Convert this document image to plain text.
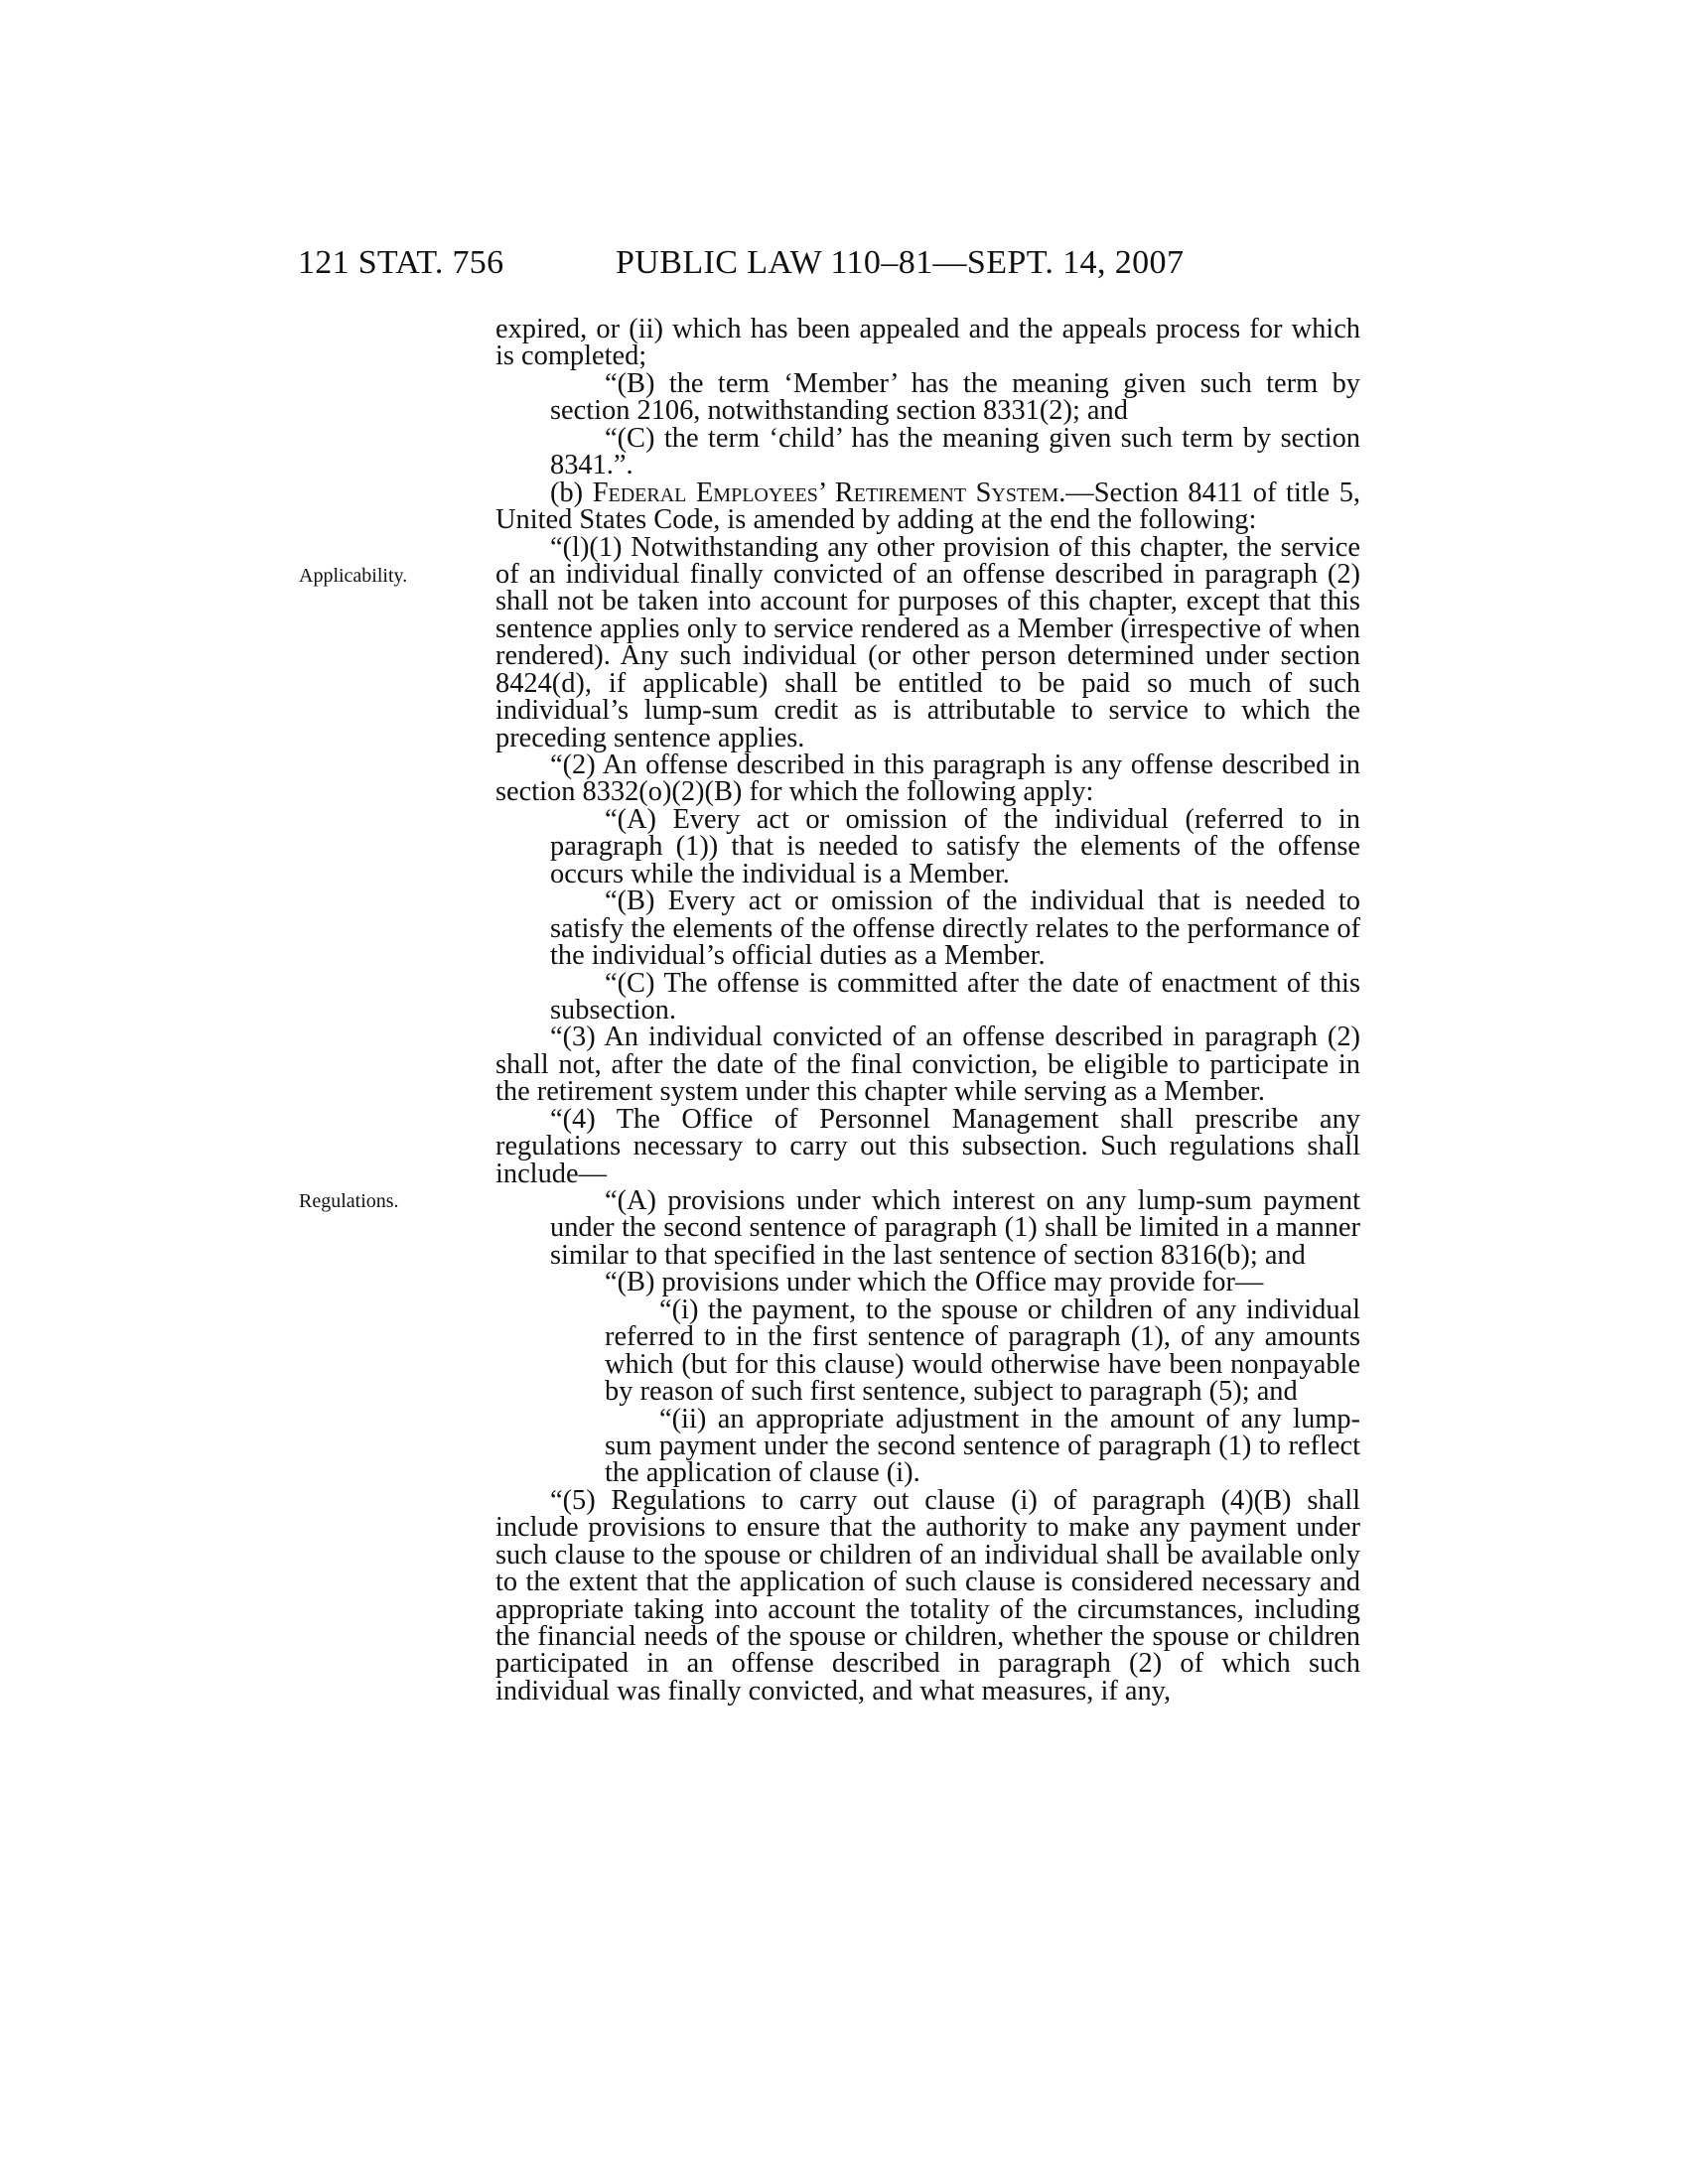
121 STAT. 756	PUBLIC LAW 110–81—SEPT. 14, 2007
Applicability.
Regulations.

expired, or (ii) which has been appealed and the appeals process for which is completed;

“(B) the term ‘Member’ has the meaning given such term by section 2106, notwithstanding section 8331(2); and

“(C) the term ‘child’ has the meaning given such term by section 8341.”.

(b) Federal Employees’ Retirement System.—Section 8411 of title 5, United States Code, is amended by adding at the end the following:

“(l)(1) Notwithstanding any other provision of this chapter, the service of an individual finally convicted of an offense described in paragraph (2) shall not be taken into account for purposes of this chapter, except that this sentence applies only to service rendered as a Member (irrespective of when rendered). Any such individual (or other person determined under section 8424(d), if applicable) shall be entitled to be paid so much of such individual’s lump-sum credit as is attributable to service to which the preceding sentence applies.

“(2) An offense described in this paragraph is any offense described in section 8332(o)(2)(B) for which the following apply:

“(A) Every act or omission of the individual (referred to in paragraph (1)) that is needed to satisfy the elements of the offense occurs while the individual is a Member.

“(B) Every act or omission of the individual that is needed to satisfy the elements of the offense directly relates to the performance of the individual’s official duties as a Member.

“(C) The offense is committed after the date of enactment of this subsection.

“(3) An individual convicted of an offense described in paragraph (2) shall not, after the date of the final conviction, be eligible to participate in the retirement system under this chapter while serving as a Member.

“(4) The Office of Personnel Management shall prescribe any regulations necessary to carry out this subsection. Such regulations shall include—

“(A) provisions under which interest on any lump-sum payment under the second sentence of paragraph (1) shall be limited in a manner similar to that specified in the last sentence of section 8316(b); and

“(B) provisions under which the Office may provide for—

“(i) the payment, to the spouse or children of any individual referred to in the first sentence of paragraph (1), of any amounts which (but for this clause) would otherwise have been nonpayable by reason of such first sentence, subject to paragraph (5); and

“(ii) an appropriate adjustment in the amount of any lump-sum payment under the second sentence of paragraph (1) to reflect the application of clause (i).

“(5) Regulations to carry out clause (i) of paragraph (4)(B) shall include provisions to ensure that the authority to make any payment under such clause to the spouse or children of an individual shall be available only to the extent that the application of such clause is considered necessary and appropriate taking into account the totality of the circumstances, including the financial needs of the spouse or children, whether the spouse or children participated in an offense described in paragraph (2) of which such individual was finally convicted, and what measures, if any,
